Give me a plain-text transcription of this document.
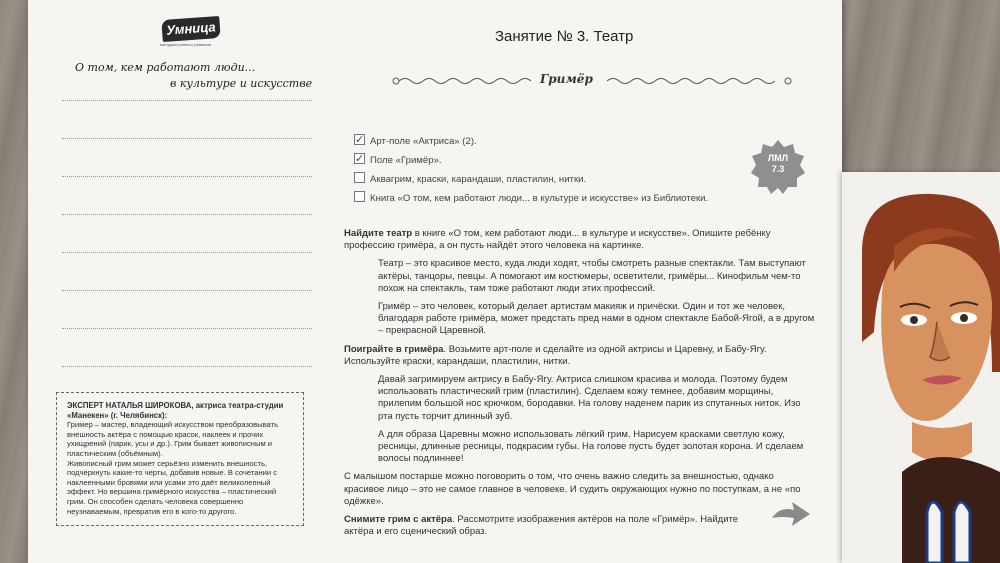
Умница
методики раннего развития
О том, кем работают люди...
в культуре и искусстве
ЭКСПЕРТ НАТАЛЬЯ ШИРОКОВА, актриса театра-студии «Манекен» (г. Челябинск):
Гример – мастер, владеющий искусством преобразовывать внешность актёра с помощью красок, наклеек и прочих ухищрений (парик, усы и др.). Грим бывает живописным и пластическим (объёмным).
Живописный грим может серьёзно изменить внешность, подчеркнуть какие-то черты, добавив новые. В сочетании с наклеенными бровями или усами это даёт великолепный эффект. Но вершина гримёрного искусства – пластический грим. Он способен сделать человека совершенно неузнаваемым, превратив его в кого-то другого.
Занятие № 3. Театр
Гримёр
✓Арт-поле «Актриса» (2).
✓Поле «Гримёр».
Аквагрим, краски, карандаши, пластилин, нитки.
Книга «О том, кем работают люди... в культуре и искусстве» из Библиотеки.
ЛМЛ
7.3

Найдите театр в книге «О том, кем работают люди... в культуре и искусстве». Опишите ребёнку профессию гримёра, а он пусть найдёт этого человека на картинке.

Театр – это красивое место, куда люди ходят, чтобы смотреть разные спектакли. Там выступают актёры, танцоры, певцы. А помогают им костюмеры, осветители, гримёры... Кинофильм чем-то похож на спектакль, там тоже работают люди этих профессий.

Гримёр – это человек, который делает артистам макияж и причёски. Один и тот же человек, благодаря работе гримёра, может предстать пред нами в одном спектакле Бабой-Ягой, а в другом – прекрасной Царевной.

Поиграйте в гримёра. Возьмите арт-поле и сделайте из одной актрисы и Царевну, и Бабу-Ягу. Используйте краски, карандаши, пластилин, нитки.

Давай загримируем актрису в Бабу-Ягу. Актриса слишком красива и молода. Поэтому будем использовать пластический грим (пластилин). Сделаем кожу темнее, добавим морщины, прилепим большой нос крючком, бородавки. На голову наденем парик из спутанных ниток. Изо рта пусть торчит длинный зуб.

А для образа Царевны можно использовать лёгкий грим. Нарисуем красками светлую кожу, ресницы, длинные ресницы, подкрасим губы. На голове пусть будет золотая корона. И сделаем волосы подлиннее!

С малышом постарше можно поговорить о том, что очень важно следить за внешностью, однако красивое лицо – это не самое главное в человеке. И судить окружающих нужно по поступкам, а не «по одёжке».

Снимите грим с актёра. Рассмотрите изображения актёров на поле «Гримёр». Найдите актёра и его сценический образ.
